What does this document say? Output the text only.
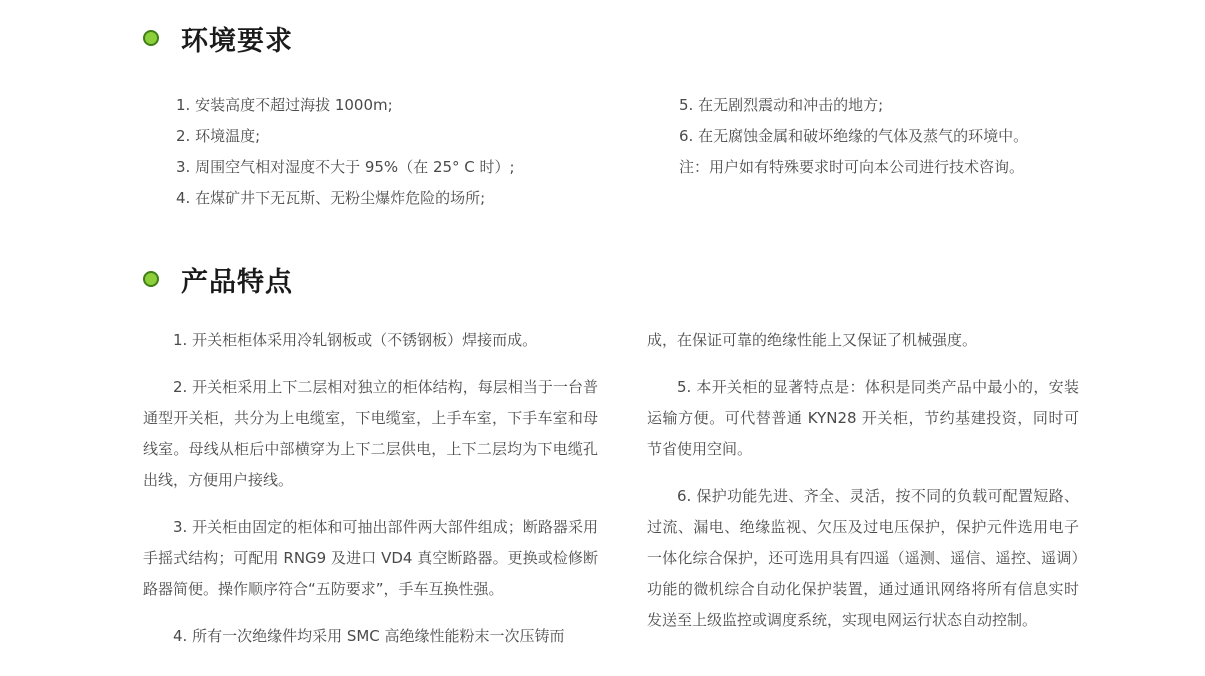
环境要求
1. 安装高度不超过海拔 1000m;
2. 环境温度;
3. 周围空气相对湿度不大于 95%（在 25° C 时）;
4. 在煤矿井下无瓦斯、无粉尘爆炸危险的场所;
5. 在无剧烈震动和冲击的地方;
6. 在无腐蚀金属和破坏绝缘的气体及蒸气的环境中。
注：用户如有特殊要求时可向本公司进行技术咨询。
产品特点

1. 开关柜柜体采用冷轧钢板或（不锈钢板）焊接而成。

2. 开关柜采用上下二层相对独立的柜体结构，每层相当于一台普通型开关柜，共分为上电缆室，下电缆室，上手车室，下手车室和母线室。母线从柜后中部横穿为上下二层供电，上下二层均为下电缆孔出线，方便用户接线。

3. 开关柜由固定的柜体和可抽出部件两大部件组成；断路器采用手摇式结构；可配用 RNG9 及进口 VD4 真空断路器。更换或检修断路器简便。操作顺序符合“五防要求”，手车互换性强。

4. 所有一次绝缘件均采用 SMC 高绝缘性能粉末一次压铸而

成，在保证可靠的绝缘性能上又保证了机械强度。

5. 本开关柜的显著特点是：体积是同类产品中最小的，安装运输方便。可代替普通 KYN28 开关柜，节约基建投资，同时可节省使用空间。

6. 保护功能先进、齐全、灵活，按不同的负载可配置短路、过流、漏电、绝缘监视、欠压及过电压保护，保护元件选用电子一体化综合保护，还可选用具有四遥（遥测、遥信、遥控、遥调）功能的微机综合自动化保护装置，通过通讯网络将所有信息实时发送至上级监控或调度系统，实现电网运行状态自动控制。
